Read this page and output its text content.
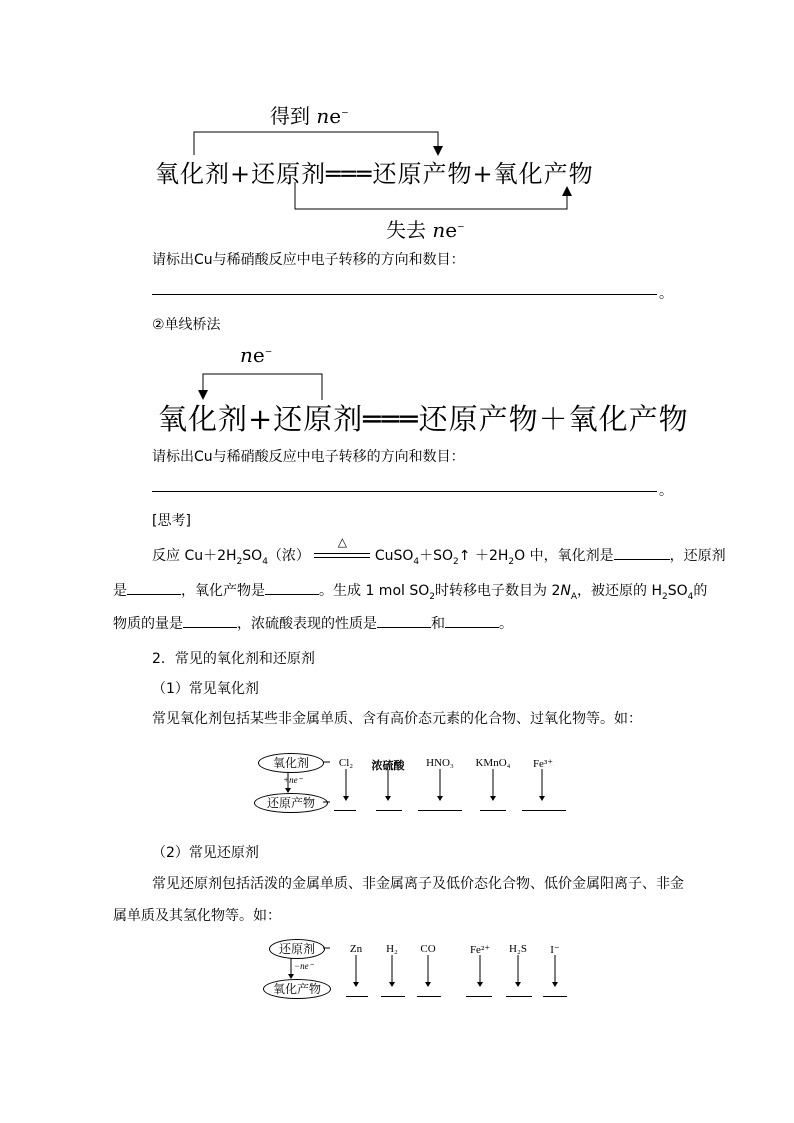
得到 ne−
氧化剂+还原剂═══还原产物+氧化产物
失去 ne−
请标出Cu与稀硝酸反应中电子转移的方向和数目：
。
②单线桥法
ne−
氧化剂+还原剂═══还原产物＋氧化产物
请标出Cu与稀硝酸反应中电子转移的方向和数目：
。
[思考]
反应 $Cu+2H_2SO_4$（浓）
△
$CuSO_4+SO_2↑ +2H_2O$ 中，氧化剂是	，还原剂
是	，氧化产物是	。生成 1 mol $SO_2$时转移电子数目为 $2N_A$，被还原的 $H_2SO_4$的
物质的量是	，浓硫酸表现的性质是	和	。
2．常见的氧化剂和还原剂
（1）常见氧化剂
常见氧化剂包括某些非金属单质、含有高价态元素的化合物、过氧化物等。如：
氧化剂
+ne⁻
还原产物
Cl₂	浓硫酸	HNO₃	KMnO₄	Fe³⁺
（2）常见还原剂
常见还原剂包括活泼的金属单质、非金属离子及低价态化合物、低价金属阳离子、非金
属单质及其氢化物等。如：
还原剂
−ne⁻
氧化产物
Zn	H₂	CO	Fe²⁺	H₂S	I⁻
